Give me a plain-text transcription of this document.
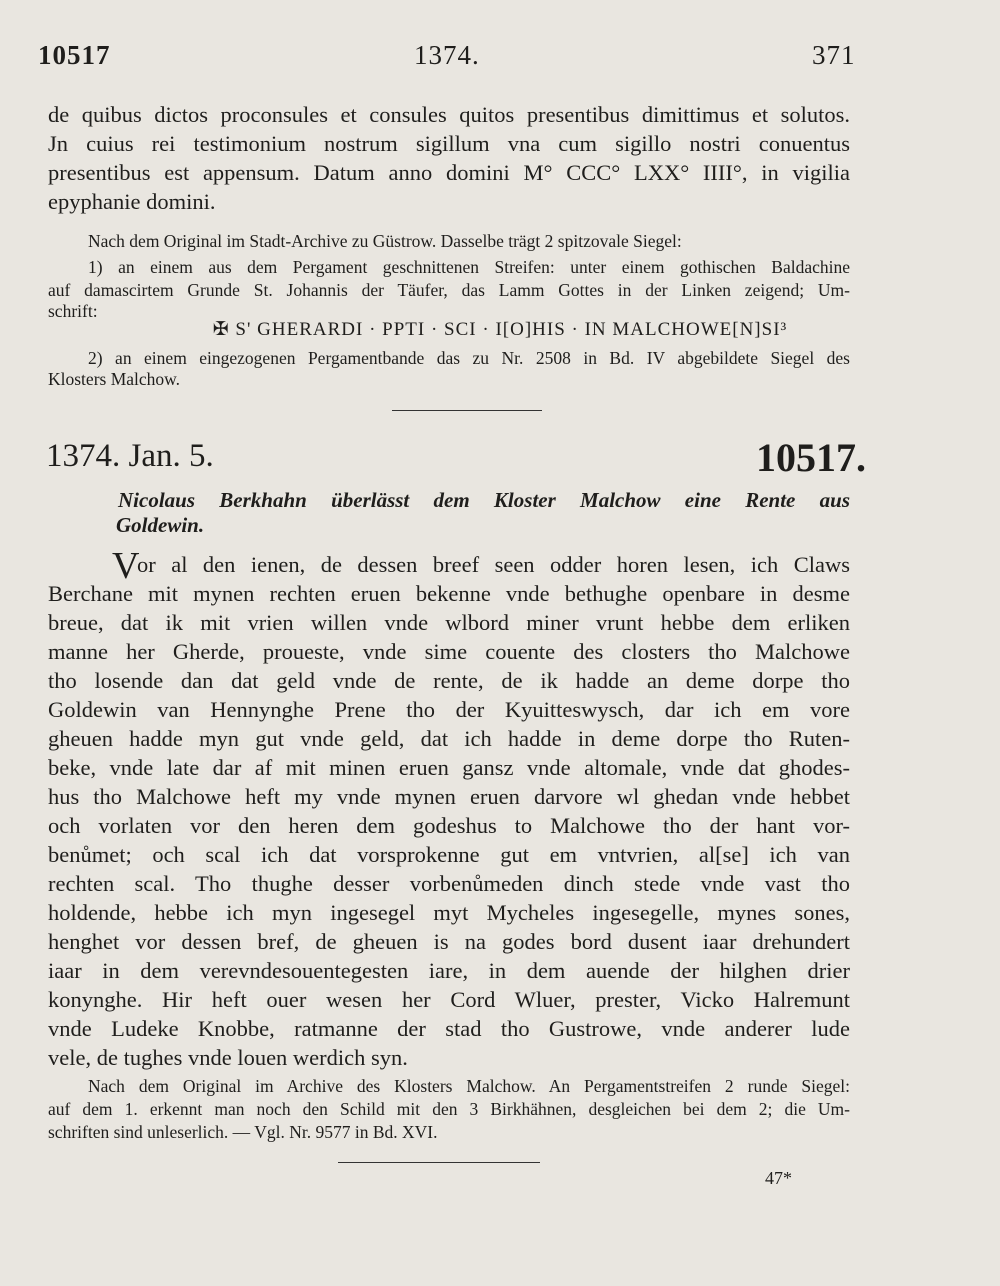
10517	1374.	371
de quibus dictos proconsules et consules quitos presentibus dimittimus et solutos.
Jn cuius rei testimonium nostrum sigillum vna cum sigillo nostri conuentus
presentibus est appensum. Datum anno domini M° CCC° LXX° IIII°, in vigilia
epyphanie domini.
Nach dem Original im Stadt-Archive zu Güstrow. Dasselbe trägt 2 spitzovale Siegel:
1) an einem aus dem Pergament geschnittenen Streifen: unter einem gothischen Baldachine
auf damascirtem Grunde St. Johannis der Täufer, das Lamm Gottes in der Linken zeigend; Um-
schrift:
✠ S' GHERARDI · PPTI · SCI · I[O]HIS · IN MALCHOWE[N]SI³
2) an einem eingezogenen Pergamentbande das zu Nr. 2508 in Bd. IV abgebildete Siegel des
Klosters Malchow.
1374. Jan. 5.	10517.
Nicolaus Berkhahn überlässt dem Kloster Malchow eine Rente aus
Goldewin.
V
or al den ienen, de dessen breef seen odder horen lesen, ich Claws
Berchane mit mynen rechten eruen bekenne vnde bethughe openbare in desme
breue, dat ik mit vrien willen vnde wlbord miner vrunt hebbe dem erliken
manne her Gherde, proueste, vnde sime couente des closters tho Malchowe
tho losende dan dat geld vnde de rente, de ik hadde an deme dorpe tho
Goldewin van Hennynghe Prene tho der Kyuitteswysch, dar ich em vore
gheuen hadde myn gut vnde geld, dat ich hadde in deme dorpe tho Ruten-
beke, vnde late dar af mit minen eruen gansz vnde altomale, vnde dat ghodes-
hus tho Malchowe heft my vnde mynen eruen darvore wl ghedan vnde hebbet
och vorlaten vor den heren dem godeshus to Malchowe tho der hant vor-
benůmet; och scal ich dat vorsprokenne gut em vntvrien, al[se] ich van
rechten scal. Tho thughe desser vorbenůmeden dinch stede vnde vast tho
holdende, hebbe ich myn ingesegel myt Mycheles ingesegelle, mynes sones,
henghet vor dessen bref, de gheuen is na godes bord dusent iaar drehundert
iaar in dem verevndesouentegesten iare, in dem auende der hilghen drier
konynghe. Hir heft ouer wesen her Cord Wluer, prester, Vicko Halremunt
vnde Ludeke Knobbe, ratmanne der stad tho Gustrowe, vnde anderer lude
vele, de tughes vnde louen werdich syn.
Nach dem Original im Archive des Klosters Malchow. An Pergamentstreifen 2 runde Siegel:
auf dem 1. erkennt man noch den Schild mit den 3 Birkhähnen, desgleichen bei dem 2; die Um-
schriften sind unleserlich. — Vgl. Nr. 9577 in Bd. XVI.
47*
